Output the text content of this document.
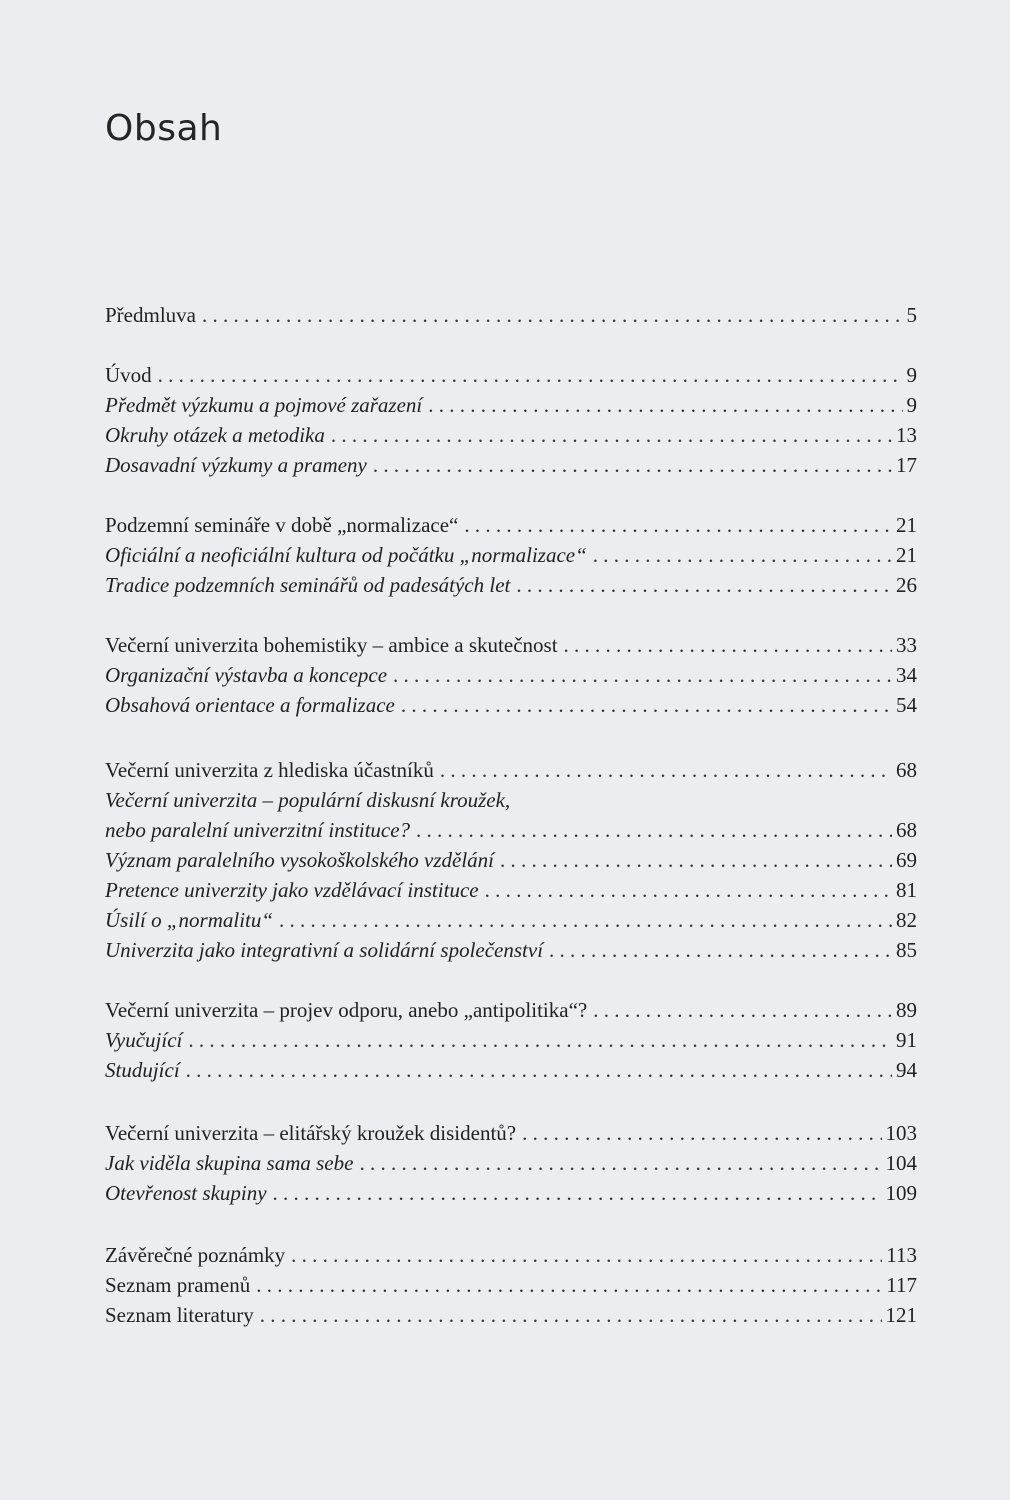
Obsah
Předmluva . . .	5
Úvod . . .	9
Předmět výzkumu a pojmové zařazení . . .	9
Okruhy otázek a metodika . . .	13
Dosavadní výzkumy a prameny . . .	17
Podzemní semináře v době „normalizace“ . . .	21
Oficiální a neoficiální kultura od počátku „normalizace“ . . .	21
Tradice podzemních seminářů od padesátých let . . .	26
Večerní univerzita bohemistiky – ambice a skutečnost . . .	33
Organizační výstavba a koncepce . . .	34
Obsahová orientace a formalizace . . .	54
Večerní univerzita z hlediska účastníků . . .	68
Večerní univerzita – populární diskusní kroužek,
nebo paralelní univerzitní instituce? . . .	68
Význam paralelního vysokoškolského vzdělání . . .	69
Pretence univerzity jako vzdělávací instituce . . .	81
Úsilí o „normalitu“ . . .	82
Univerzita jako integrativní a solidární společenství . . .	85
Večerní univerzita – projev odporu, anebo „antipolitika“? . . .	89
Vyučující . . .	91
Studující . . .	94
Večerní univerzita – elitářský kroužek disidentů? . . .	103
Jak viděla skupina sama sebe . . .	104
Otevřenost skupiny . . .	109
Závěrečné poznámky . . .	113
Seznam pramenů . . .	117
Seznam literatury . . .	121
